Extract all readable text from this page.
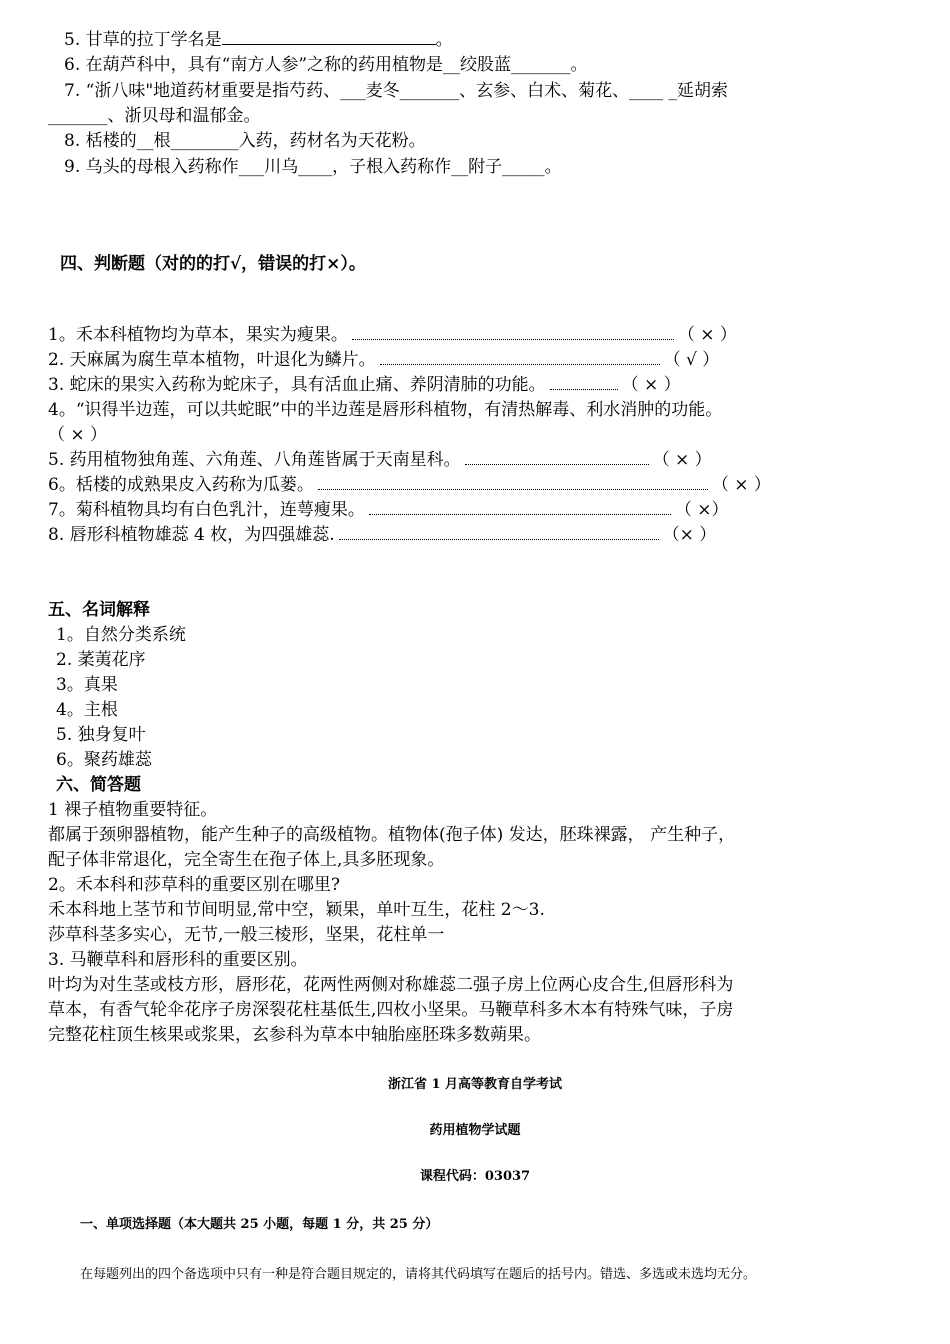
5. 甘草的拉丁学名是	。
6. 在葫芦科中，具有“南方人参”之称的药用植物是__绞股蓝_______。
7. “浙八味"地道药材重要是指芍药、___麦冬_______、玄参、白术、菊花、____ _延胡索
_______、浙贝母和温郁金。
8. 栝楼的__根________入药，药材名为天花粉。
9. 乌头的母根入药称作___川乌____，子根入药称作__附子_____。
四、判断题（对的的打√，错误的打×）。
1。禾本科植物均为草本，果实为瘦果。	（ × ）
2. 天麻属为腐生草本植物，叶退化为鳞片。	（ √ ）
3. 蛇床的果实入药称为蛇床子，具有活血止痛、养阴清肺的功能。	（ × ）
4。“识得半边莲，可以共蛇眠”中的半边莲是唇形科植物，有清热解毒、利水消肿的功能。
（ × ）
5. 药用植物独角莲、六角莲、八角莲皆属于天南星科。	（ × ）
6。栝楼的成熟果皮入药称为瓜蒌。	（ × ）
7。菊科植物具均有白色乳汁，连萼瘦果。	（ ×）
8. 唇形科植物雄蕊 4 枚，为四强雄蕊.	（× ）
五、名词解释
1。自然分类系统
2. 葇荑花序
3。真果
4。主根
5. 独身复叶
6。聚药雄蕊
六、简答题
1 裸子植物重要特征。
都属于颈卵器植物，能产生种子的高级植物。植物体(孢子体) 发达，胚珠裸露， 产生种子，
配子体非常退化，完全寄生在孢子体上,具多胚现象。
2。禾本科和莎草科的重要区别在哪里?
禾本科地上茎节和节间明显,常中空，颖果，单叶互生，花柱 2～3.
莎草科茎多实心，无节,一般三棱形，坚果，花柱单一
3. 马鞭草科和唇形科的重要区别。
叶均为对生茎或枝方形，唇形花，花两性两侧对称雄蕊二强子房上位两心皮合生,但唇形科为
草本，有香气轮伞花序子房深裂花柱基低生,四枚小坚果。马鞭草科多木本有特殊气味，子房
完整花柱顶生核果或浆果，玄参科为草本中轴胎座胚珠多数蒴果。
浙江省 1 月高等教育自学考试
药用植物学试题
课程代码：03037
一、单项选择题（本大题共 25 小题，每题 1 分，共 25 分）
在每题列出的四个备选项中只有一种是符合题目规定的，请将其代码填写在题后的括号内。错选、多选或未选均无分。
